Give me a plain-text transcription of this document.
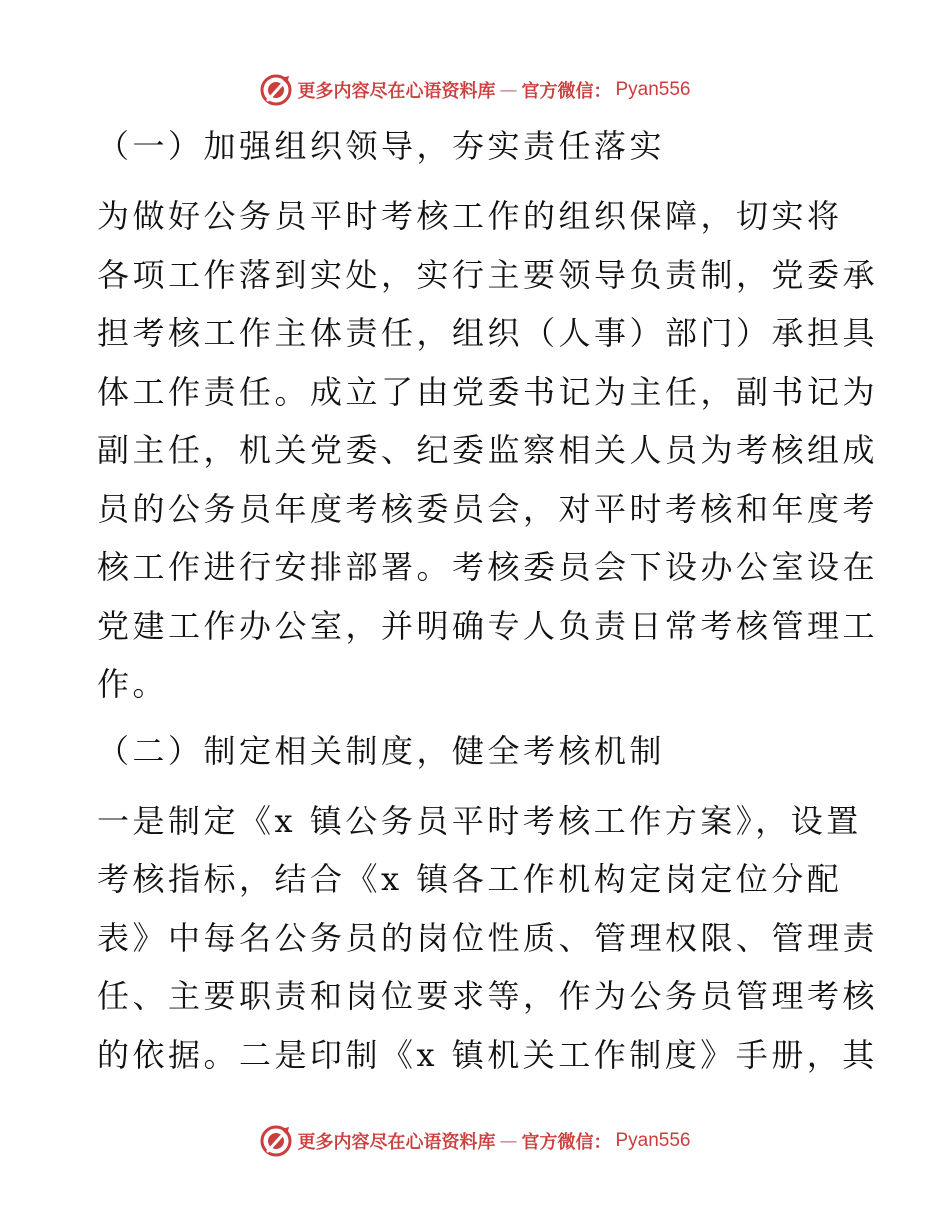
更多内容尽在心语资料库 — 官方微信： Pyan556
（一）加强组织领导，夯实责任落实
为做好公务员平时考核工作的组织保障，切实将
各项工作落到实处，实行主要领导负责制，党委承
担考核工作主体责任，组织（人事）部门）承担具
体工作责任。成立了由党委书记为主任，副书记为
副主任，机关党委、纪委监察相关人员为考核组成
员的公务员年度考核委员会，对平时考核和年度考
核工作进行安排部署。考核委员会下设办公室设在
党建工作办公室，并明确专人负责日常考核管理工
作。
（二）制定相关制度，健全考核机制
一是制定《x 镇公务员平时考核工作方案》，设置
考核指标，结合《x 镇各工作机构定岗定位分配
表》中每名公务员的岗位性质、管理权限、管理责
任、主要职责和岗位要求等，作为公务员管理考核
的依据。二是印制《x 镇机关工作制度》手册，其
更多内容尽在心语资料库 — 官方微信： Pyan556
